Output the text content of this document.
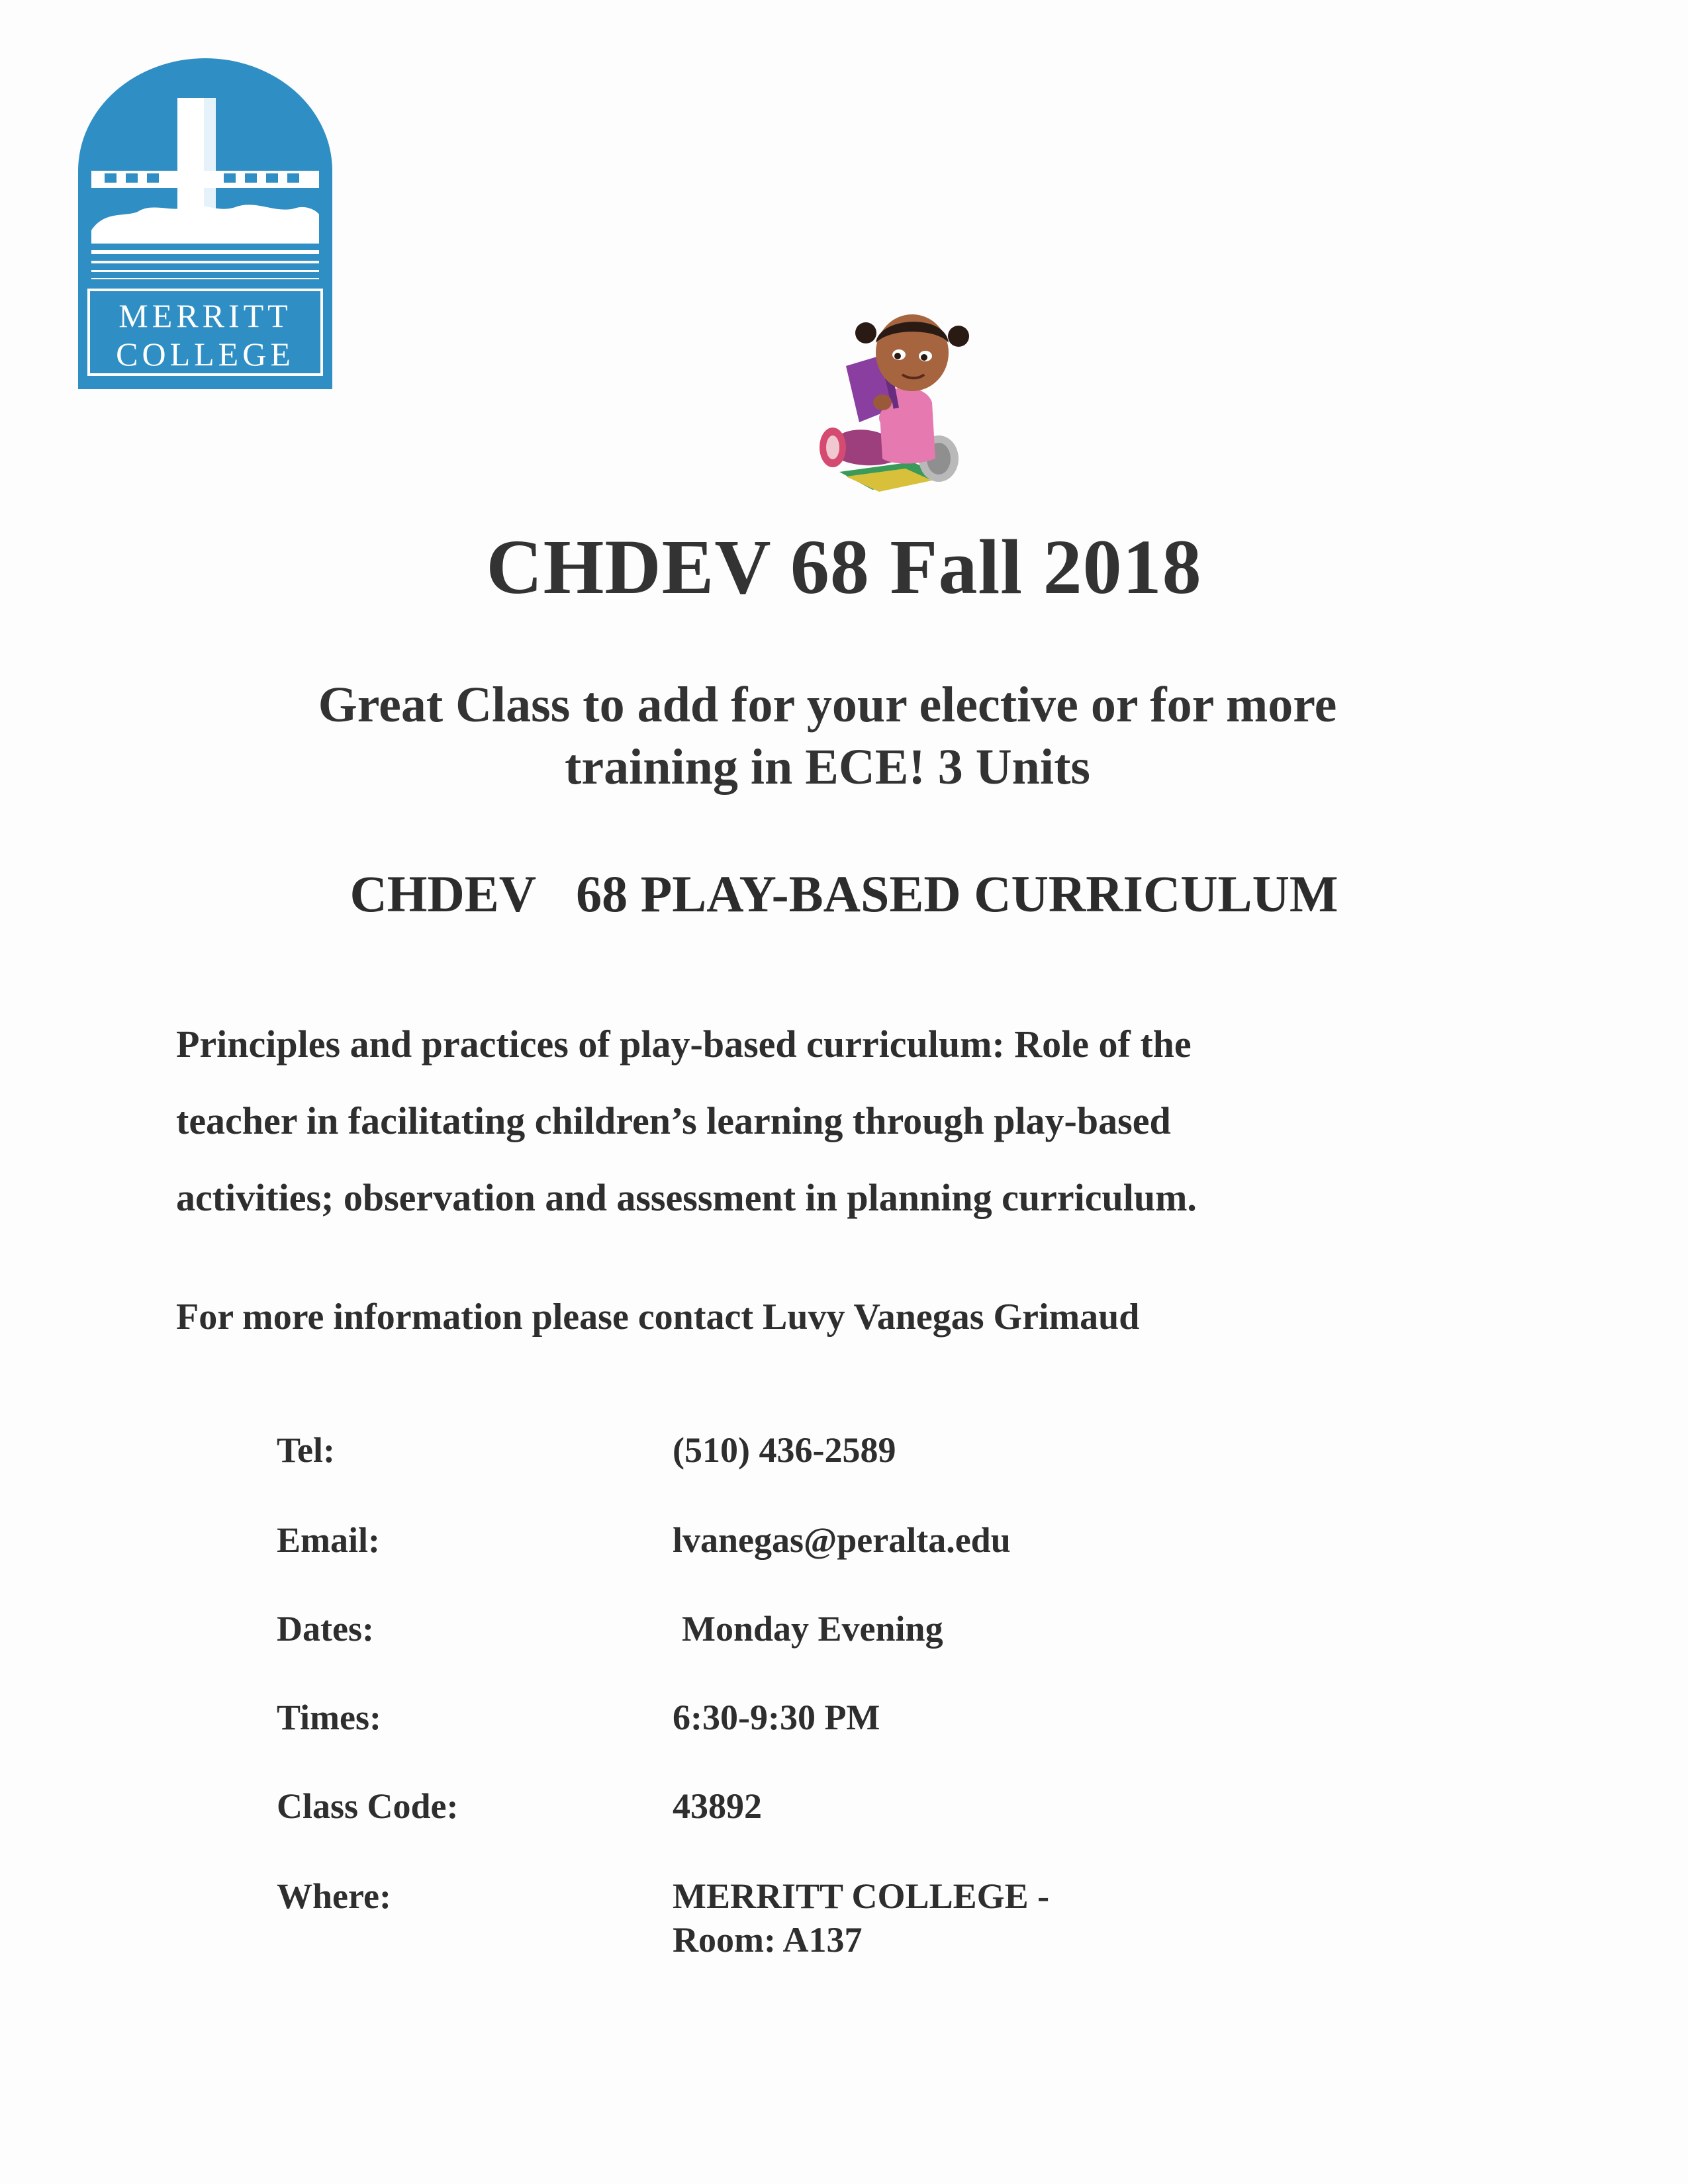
MERRITT
COLLEGE
CHDEV 68 Fall 2018
Great Class to add for your elective or for more
training in ECE! 3 Units
CHDEV 68 PLAY-BASED CURRICULUM
Principles and practices of play-based curriculum: Role of the
teacher in facilitating children’s learning through play-based
activities; observation and assessment in planning curriculum.
For more information please contact Luvy Vanegas Grimaud
Tel:	(510) 436-2589
Email:	lvanegas@peralta.edu
Dates:	Monday Evening
Times:	6:30-9:30 PM
Class Code:	43892
Where:	MERRITT COLLEGE -
Room: A137
